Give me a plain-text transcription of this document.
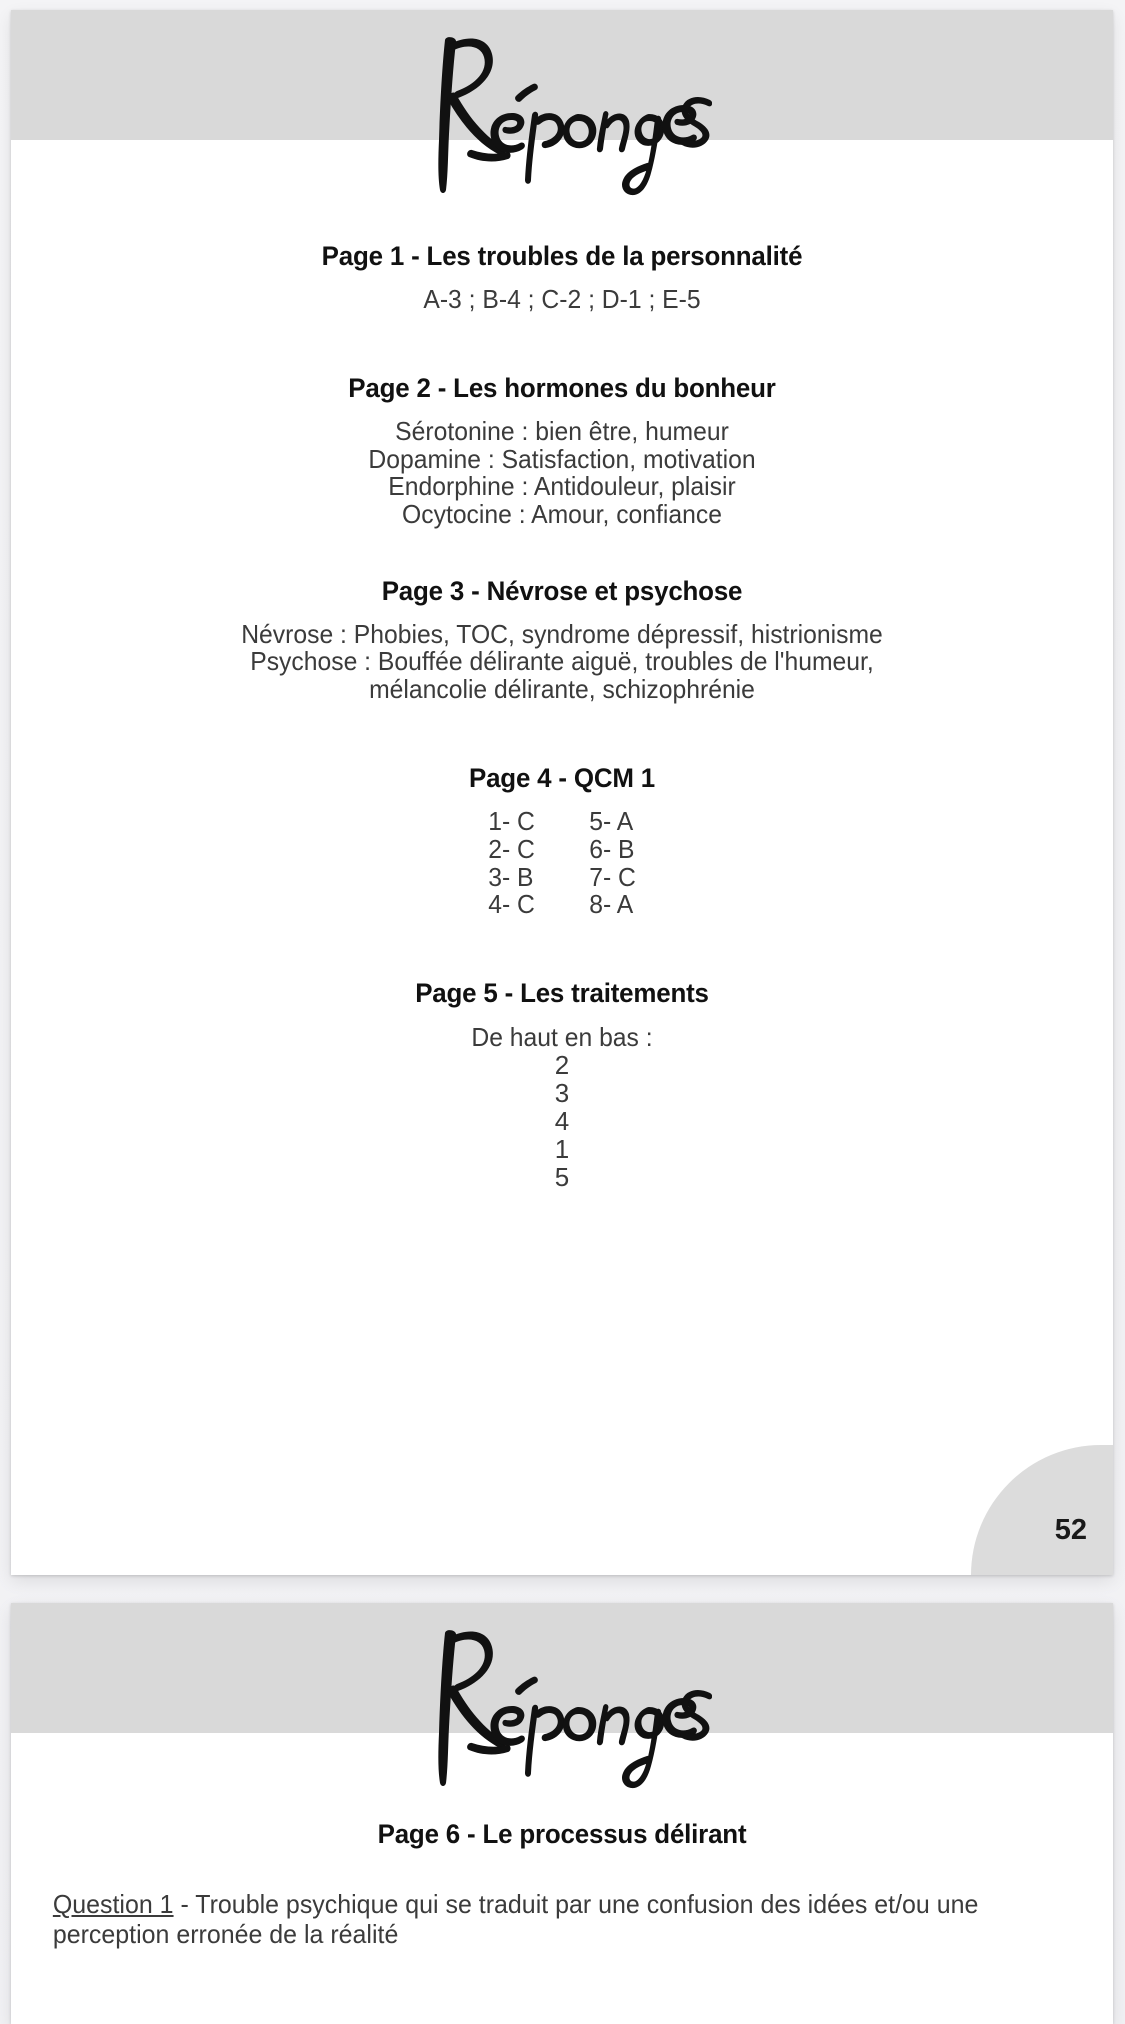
Page 1 - Les troubles de la personnalité

A-3 ; B-4 ; C-2 ; D-1 ; E-5

Page 2 - Les hormones du bonheur

Sérotonine : bien être, humeur

Dopamine : Satisfaction, motivation

Endorphine : Antidouleur, plaisir

Ocytocine : Amour, confiance

Page 3 - Névrose et psychose

Névrose : Phobies, TOC, syndrome dépressif, histrionisme

Psychose : Bouffée délirante aiguë, troubles de l'humeur,

mélancolie délirante, schizophrénie

Page 4 - QCM 1
1- C 5- A
2- C 6- B
3- B 7- C
4- C 8- A
Page 5 - Les traitements

De haut en bas :

2

3

4

1

5

52
Page 6 - Le processus délirant

Question 1 - Trouble psychique qui se traduit par une confusion des idées et/ou une perception erronée de la réalité
